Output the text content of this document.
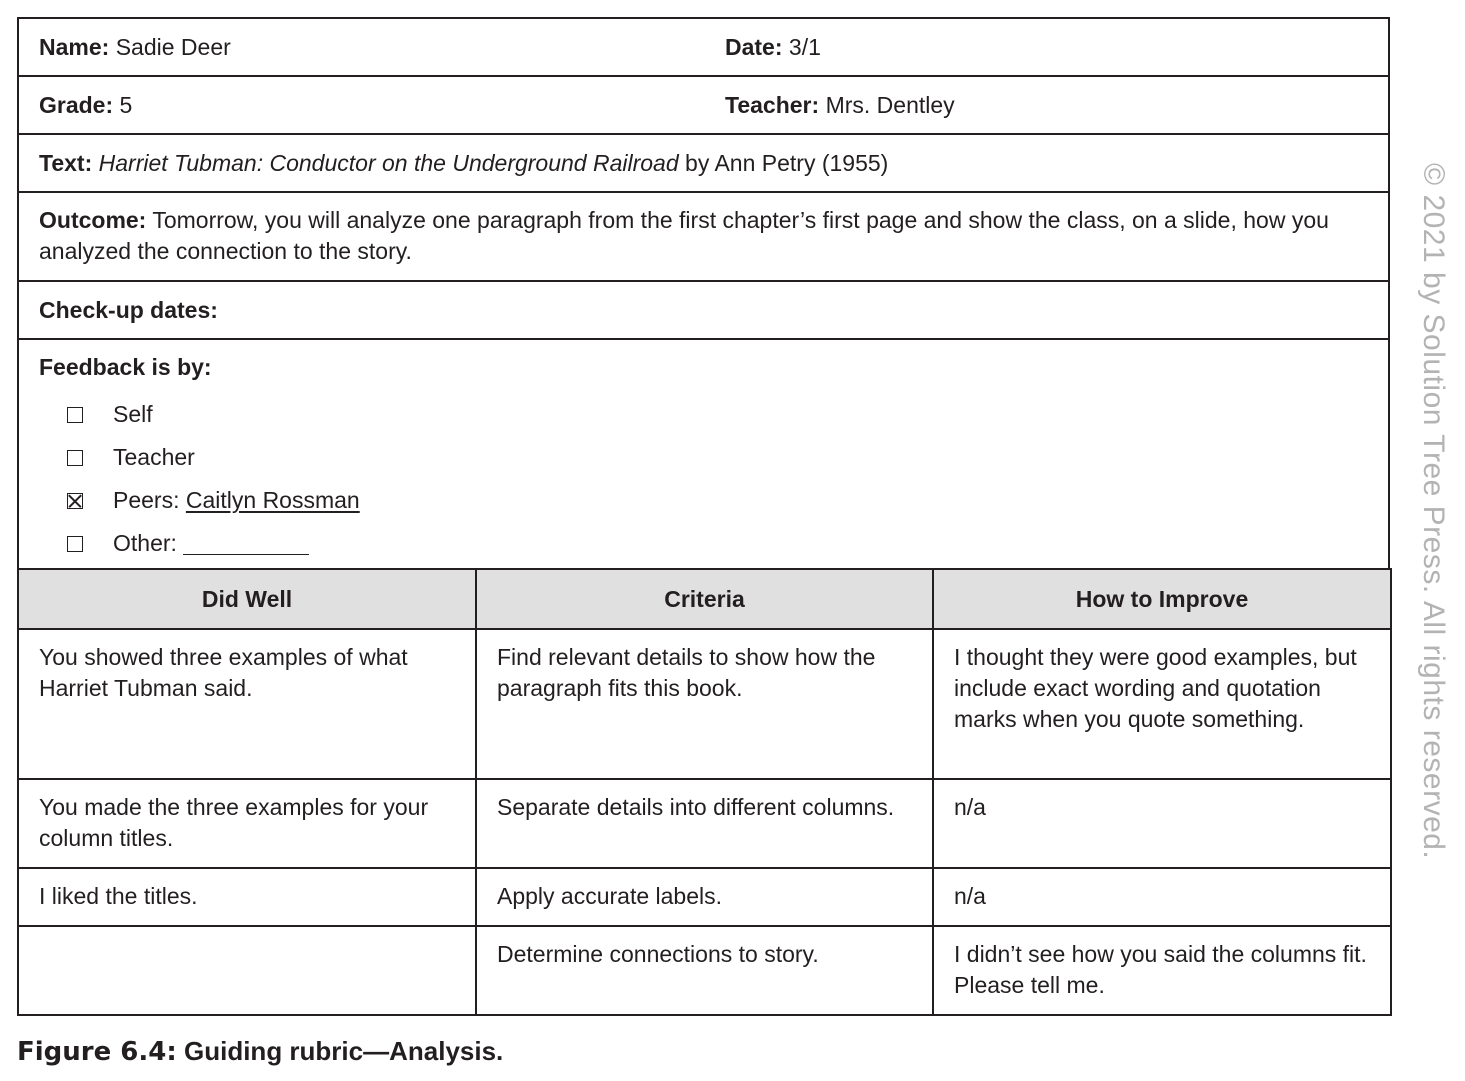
Name: Sadie Deer	Date: 3/1
Grade: 5	Teacher: Mrs. Dentley
Text: Harriet Tubman: Conductor on the Underground Railroad by Ann Petry (1955)
Outcome: Tomorrow, you will analyze one paragraph from the first chapter’s first page and show the class, on a slide, how you analyzed the connection to the story.
Check-up dates:
Feedback is by:
Self
Teacher
Peers:
Caitlyn Rossman
Other:
Did Well	Criteria	How to Improve
You showed three examples of what Harriet Tubman said.	Find relevant details to show how the paragraph fits this book.	I thought they were good examples, but include exact wording and quotation marks when you quote something.
You made the three examples for your column titles.	Separate details into different columns.	n/a
I liked the titles.	Apply accurate labels.	n/a
	Determine connections to story.	I didn’t see how you said the columns fit. Please tell me.
Figure 6.4: Guiding rubric—Analysis.
© 2021 by Solution Tree Press. All rights reserved.
